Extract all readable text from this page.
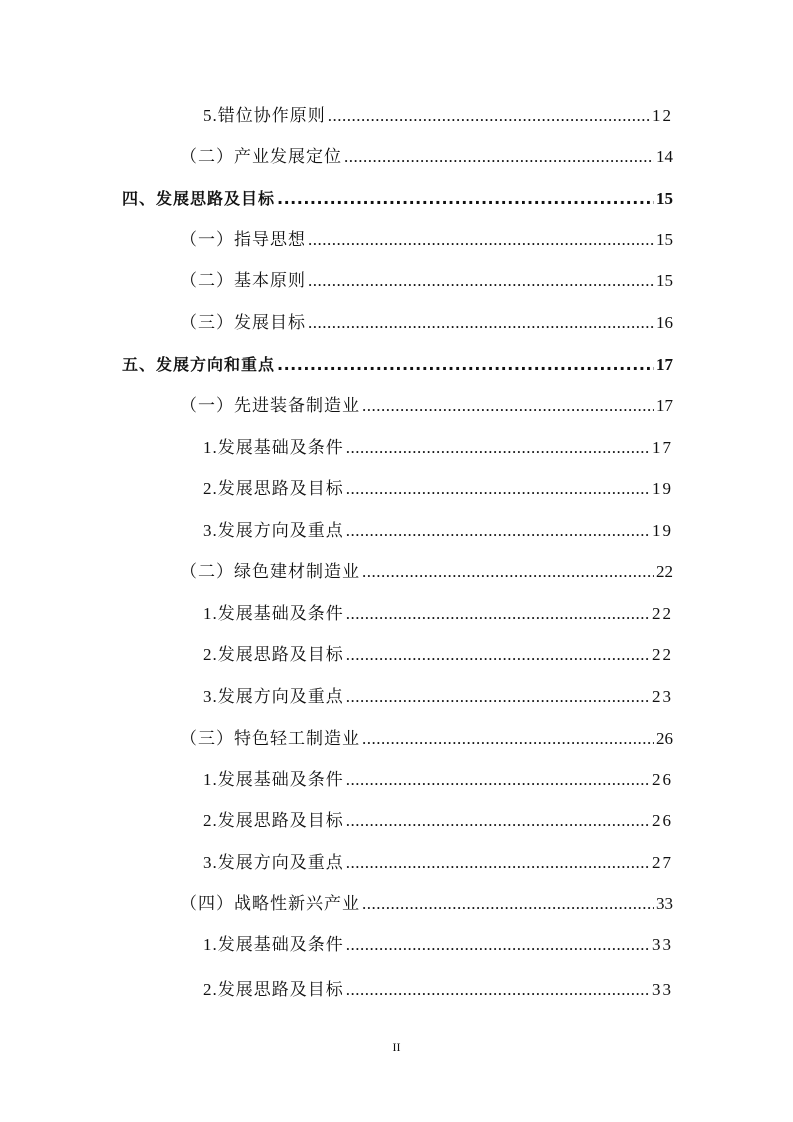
5.错位协作原则 .....	12
（二）产业发展定位 .....	14
四、发展思路及目标 .....	15
（一）指导思想 .....	15
（二）基本原则 .....	15
（三）发展目标 .....	16
五、发展方向和重点 .....	17
（一）先进装备制造业 .....	17
1.发展基础及条件 .....	17
2.发展思路及目标 .....	19
3.发展方向及重点 .....	19
（二）绿色建材制造业 .....	22
1.发展基础及条件 .....	22
2.发展思路及目标 .....	22
3.发展方向及重点 .....	23
（三）特色轻工制造业 .....	26
1.发展基础及条件 .....	26
2.发展思路及目标 .....	26
3.发展方向及重点 .....	27
（四）战略性新兴产业 .....	33
1.发展基础及条件 .....	33
2.发展思路及目标 .....	33
II
